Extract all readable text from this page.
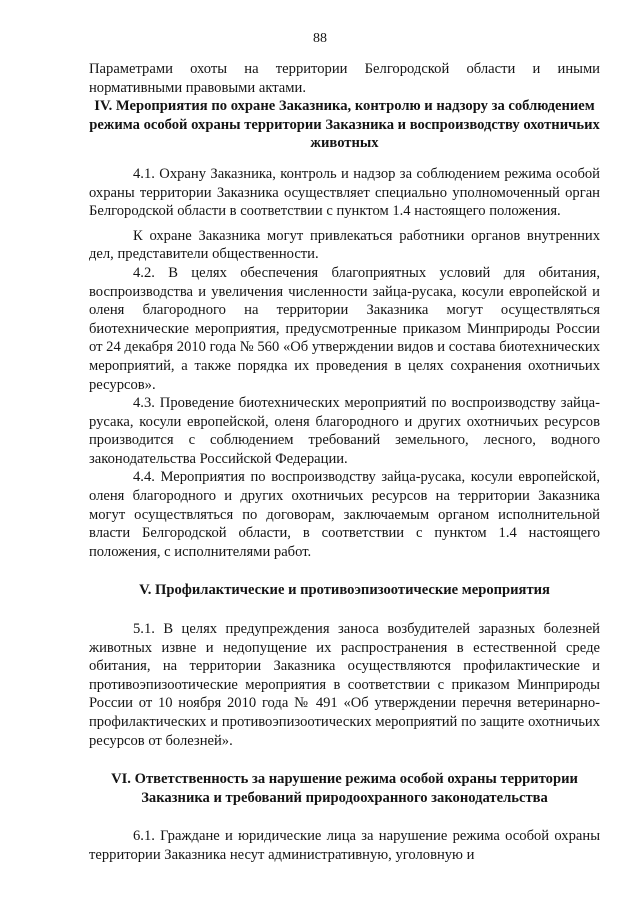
88

Параметрами охоты на территории Белгородской области и иными нормативными правовыми актами.

IV. Мероприятия по охране Заказника, контролю и надзору за соблюдением режима особой охраны территории Заказника и воспроизводству охотничьих животных

4.1. Охрану Заказника, контроль и надзор за соблюдением режима особой охраны территории Заказника осуществляет специально уполномоченный орган Белгородской области в соответствии с пунктом 1.4 настоящего положения.

К охране Заказника могут привлекаться работники органов внутренних дел, представители общественности.

4.2. В целях обеспечения благоприятных условий для обитания, воспроизводства и увеличения численности зайца-русака, косули европейской и оленя благородного на территории Заказника могут осуществляться биотехнические мероприятия, предусмотренные приказом Минприроды России от 24 декабря 2010 года № 560 «Об утверждении видов и состава биотехнических мероприятий, а также порядка их проведения в целях сохранения охотничьих ресурсов».

4.3. Проведение биотехнических мероприятий по воспроизводству зайца-русака, косули европейской, оленя благородного и других охотничьих ресурсов производится с соблюдением требований земельного, лесного, водного законодательства Российской Федерации.

4.4. Мероприятия по воспроизводству зайца-русака, косули европейской, оленя благородного и других охотничьих ресурсов на территории Заказника могут осуществляться по договорам, заключаемым органом исполнительной власти Белгородской области, в соответствии с пунктом 1.4 настоящего положения, с исполнителями работ.

V. Профилактические и противоэпизоотические мероприятия

5.1. В целях предупреждения заноса возбудителей заразных болезней животных извне и недопущение их распространения в естественной среде обитания, на территории Заказника осуществляются профилактические и противоэпизоотические мероприятия в соответствии с приказом Минприроды России от 10 ноября 2010 года № 491 «Об утверждении перечня ветеринарно-профилактических и противоэпизоотических мероприятий по защите охотничьих ресурсов от болезней».

VI. Ответственность за нарушение режима особой охраны территории Заказника и требований природоохранного законодательства

6.1. Граждане и юридические лица за нарушение режима особой охраны территории Заказника несут административную, уголовную и
